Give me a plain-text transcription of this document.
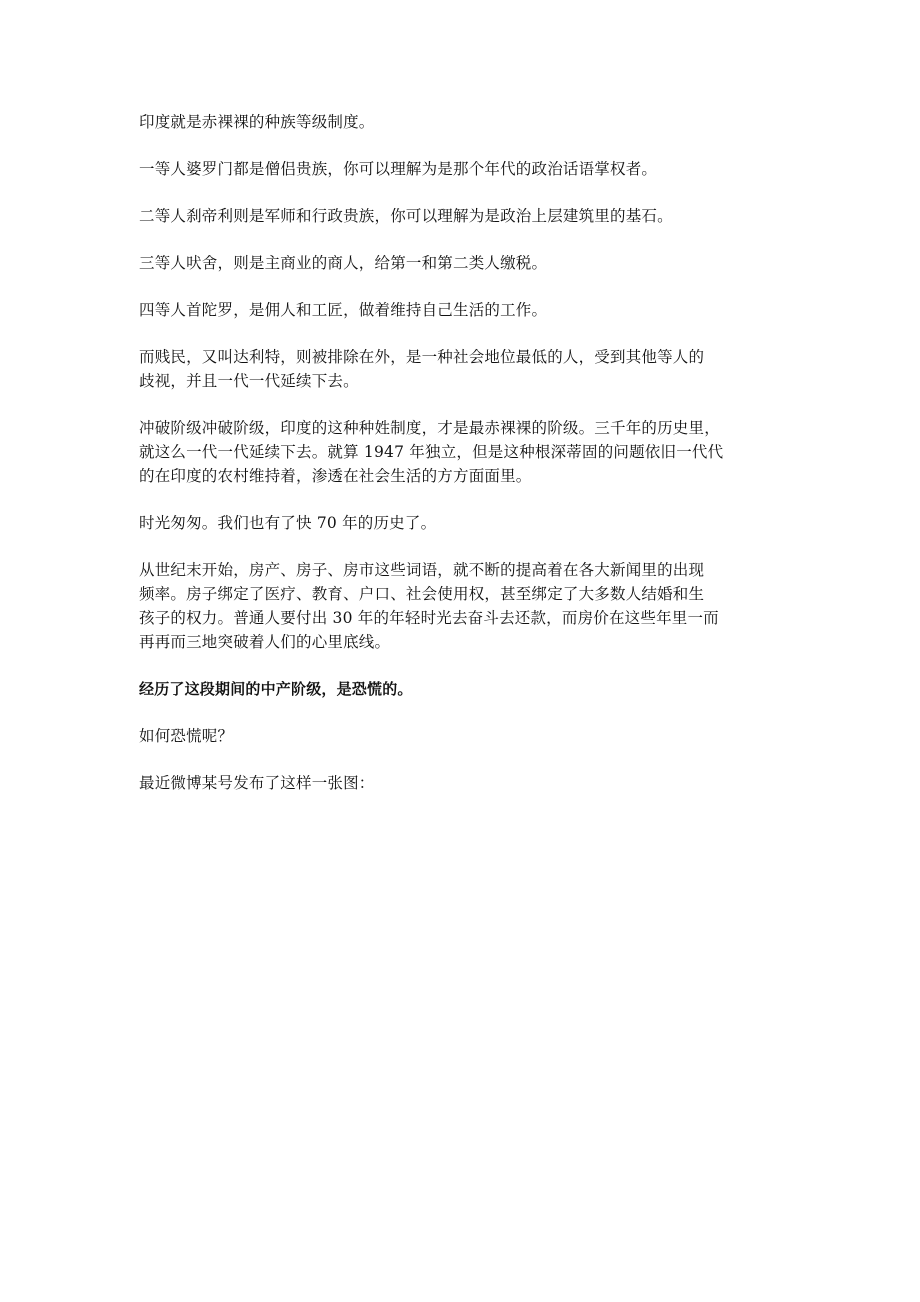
印度就是赤裸裸的种族等级制度。

一等人婆罗门都是僧侣贵族，你可以理解为是那个年代的政治话语掌权者。

二等人刹帝利则是军师和行政贵族，你可以理解为是政治上层建筑里的基石。

三等人吠舍，则是主商业的商人，给第一和第二类人缴税。

四等人首陀罗，是佣人和工匠，做着维持自己生活的工作。

而贱民，又叫达利特，则被排除在外，是一种社会地位最低的人，受到其他等人的
歧视，并且一代一代延续下去。

冲破阶级冲破阶级，印度的这种种姓制度，才是最赤裸裸的阶级。三千年的历史里，
就这么一代一代延续下去。就算 1947 年独立，但是这种根深蒂固的问题依旧一代代
的在印度的农村维持着，渗透在社会生活的方方面面里。

时光匆匆。我们也有了快 70 年的历史了。

从世纪末开始，房产、房子、房市这些词语，就不断的提高着在各大新闻里的出现
频率。房子绑定了医疗、教育、户口、社会使用权，甚至绑定了大多数人结婚和生
孩子的权力。普通人要付出 30 年的年轻时光去奋斗去还款，而房价在这些年里一而
再再而三地突破着人们的心里底线。

经历了这段期间的中产阶级，是恐慌的。

如何恐慌呢？

最近微博某号发布了这样一张图：
